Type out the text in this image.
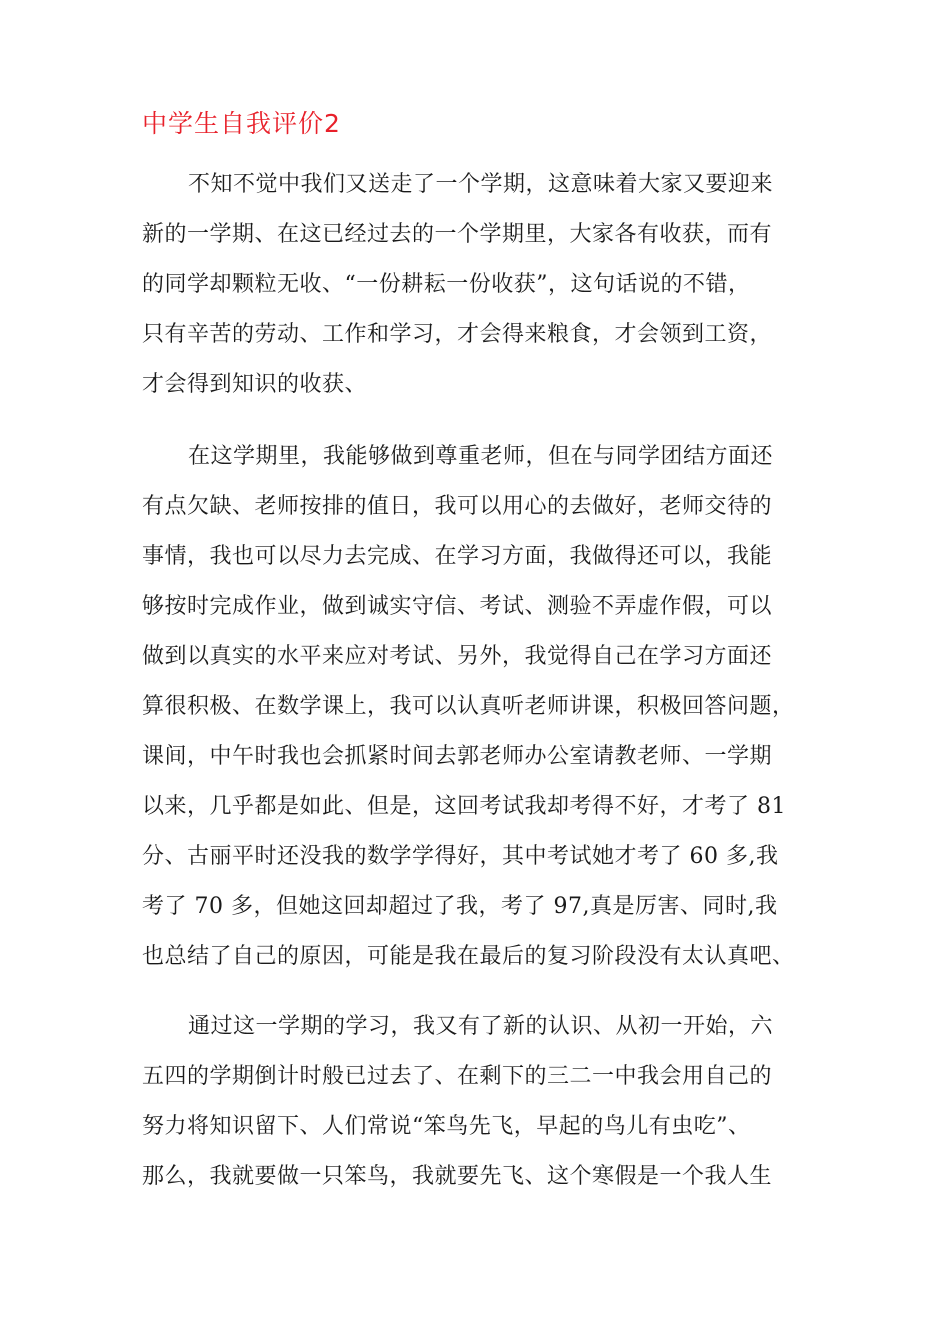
中学生自我评价2
不知不觉中我们又送走了一个学期，这意味着大家又要迎来
新的一学期、在这已经过去的一个学期里，大家各有收获，而有
的同学却颗粒无收、“一份耕耘一份收获”，这句话说的不错，
只有辛苦的劳动、工作和学习，才会得来粮食，才会领到工资，
才会得到知识的收获、
在这学期里，我能够做到尊重老师，但在与同学团结方面还
有点欠缺、老师按排的值日，我可以用心的去做好，老师交待的
事情，我也可以尽力去完成、在学习方面，我做得还可以，我能
够按时完成作业，做到诚实守信、考试、测验不弄虚作假，可以
做到以真实的水平来应对考试、另外，我觉得自己在学习方面还
算很积极、在数学课上，我可以认真听老师讲课，积极回答问题，
课间，中午时我也会抓紧时间去郭老师办公室请教老师、一学期
以来，几乎都是如此、但是，这回考试我却考得不好，才考了 81
分、古丽平时还没我的数学学得好，其中考试她才考了 60 多,我
考了 70 多，但她这回却超过了我，考了 97,真是厉害、同时,我
也总结了自己的原因，可能是我在最后的复习阶段没有太认真吧、
通过这一学期的学习，我又有了新的认识、从初一开始，六
五四的学期倒计时般已过去了、在剩下的三二一中我会用自己的
努力将知识留下、人们常说“笨鸟先飞，早起的鸟儿有虫吃”、
那么，我就要做一只笨鸟，我就要先飞、这个寒假是一个我人生
